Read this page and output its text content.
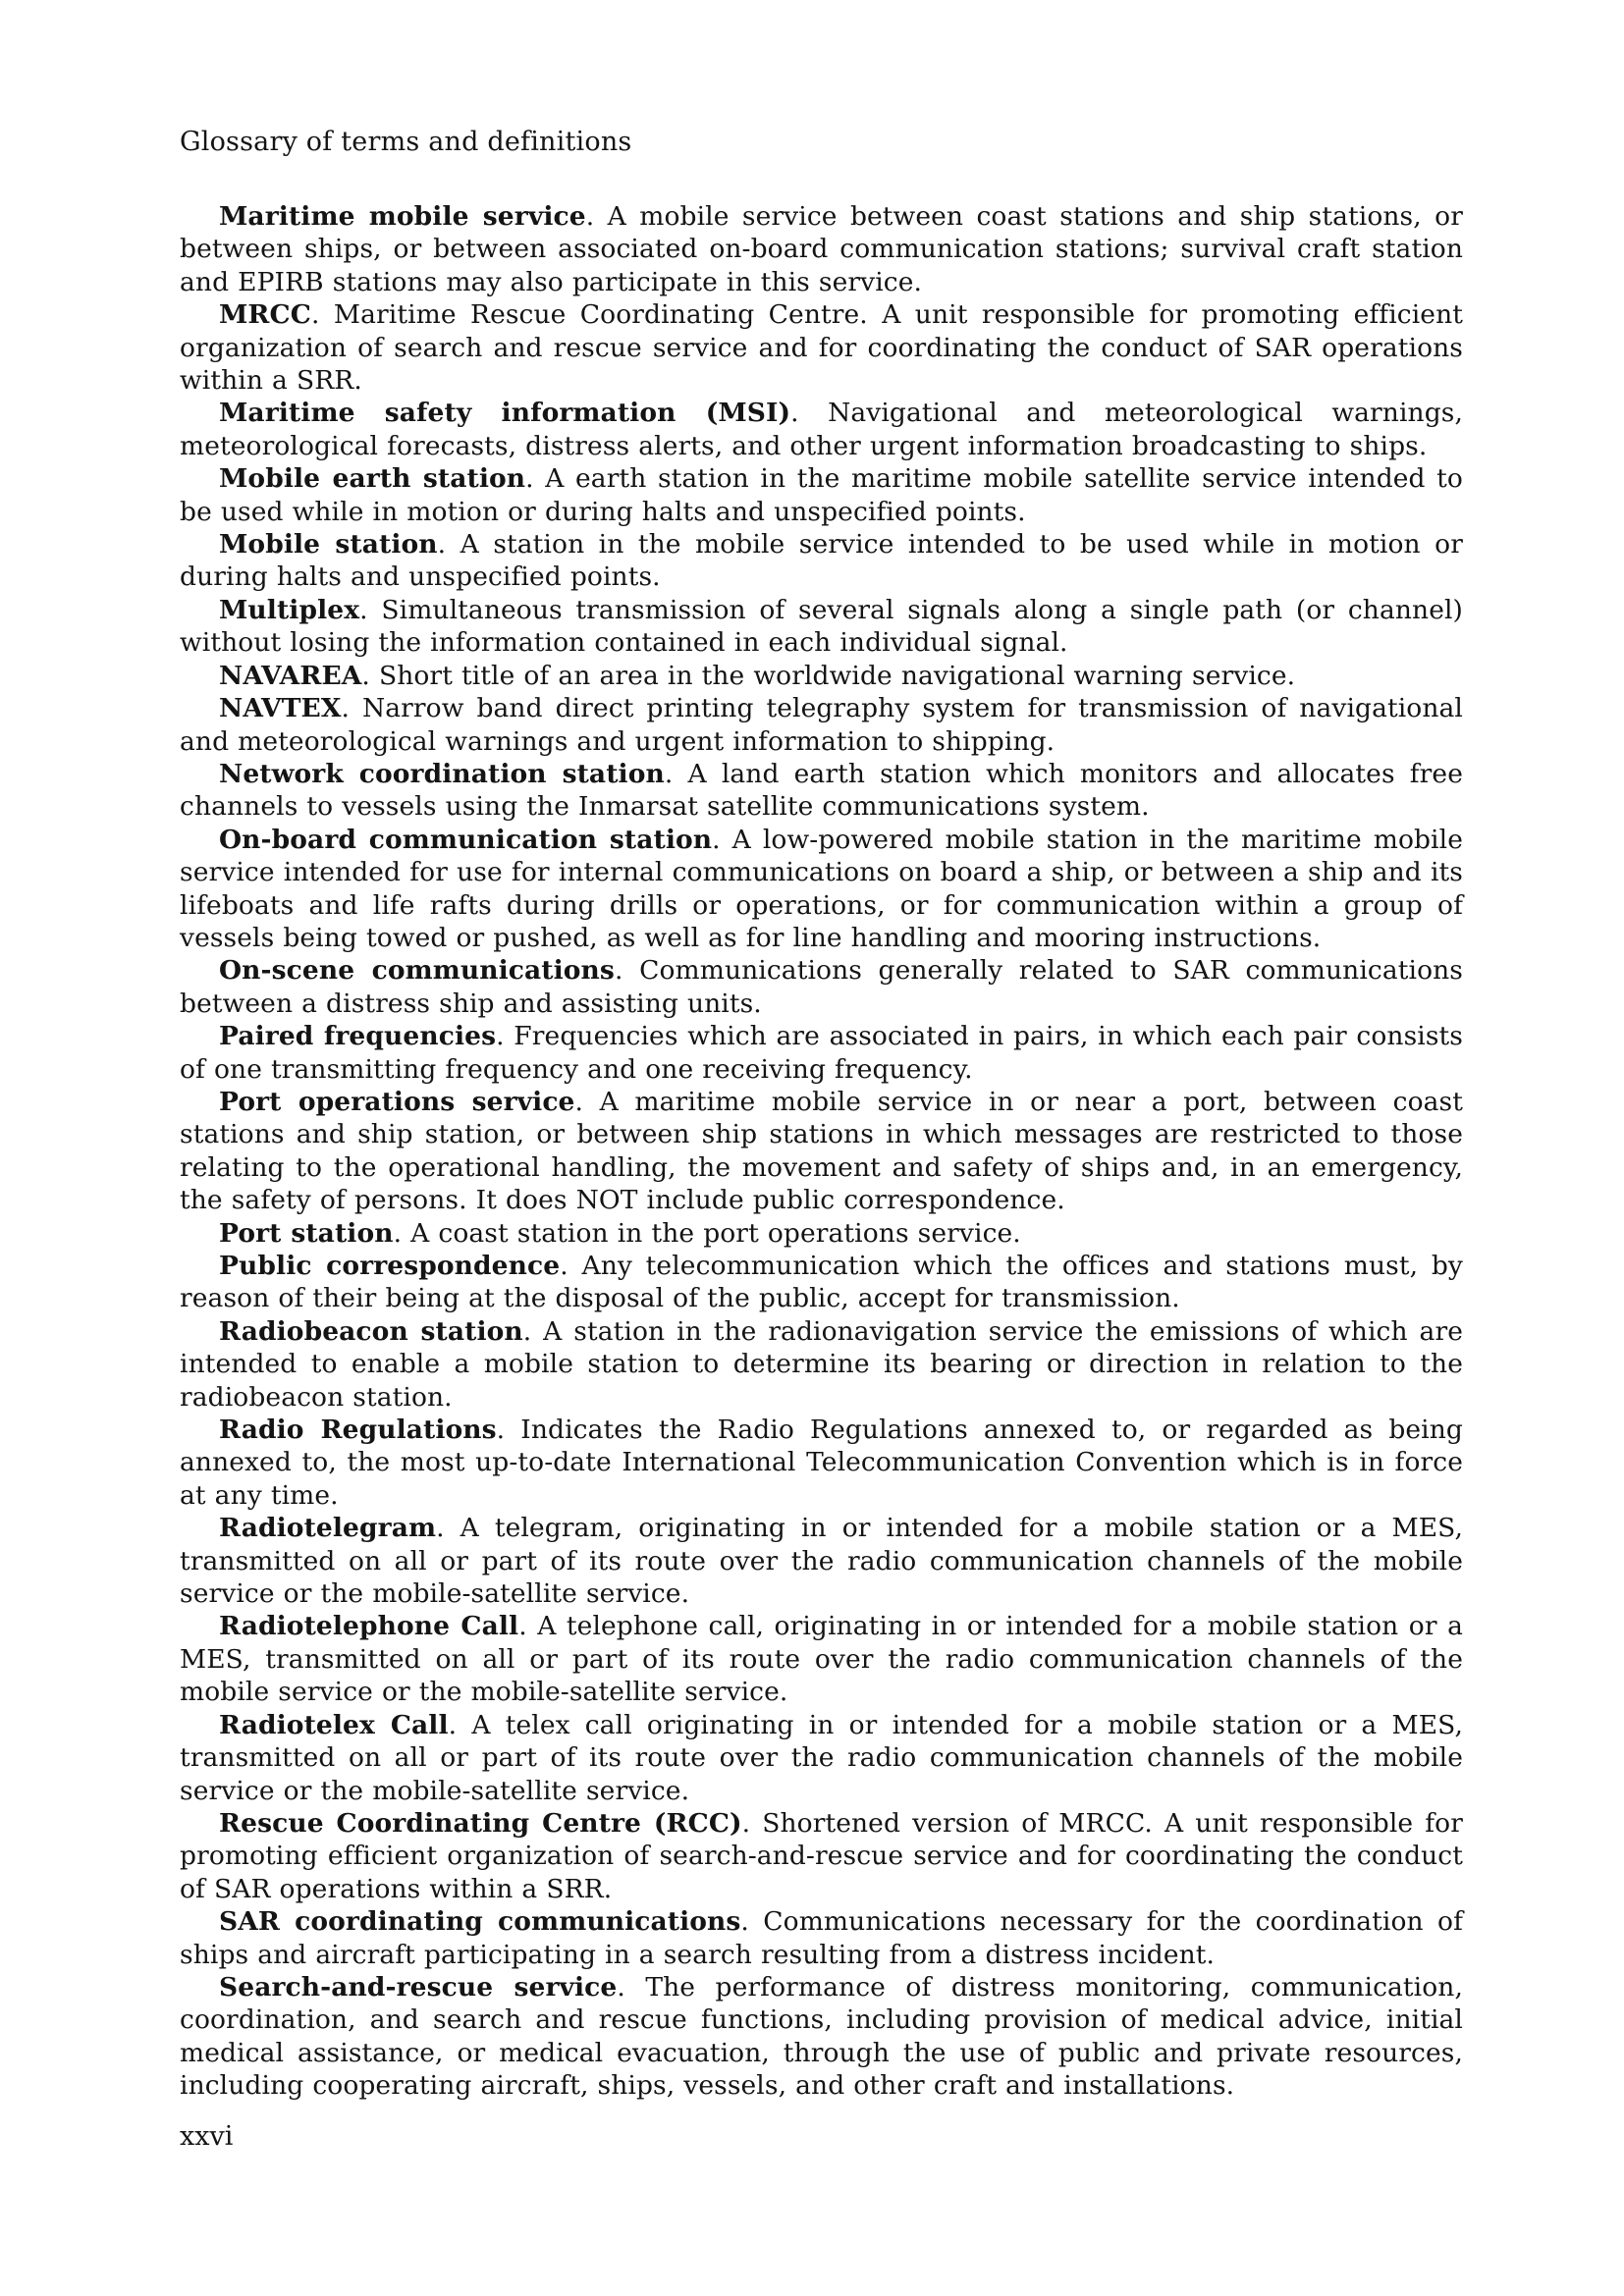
Glossary of terms and definitions

Maritime mobile service. A mobile service between coast stations and ship stations, or between ships, or between associated on-board communication stations; survival craft station and EPIRB stations may also participate in this service.

MRCC. Maritime Rescue Coordinating Centre. A unit responsible for promoting efficient organization of search and rescue service and for coordinating the conduct of SAR operations within a SRR.

Maritime safety information (MSI). Navigational and meteorological warnings, meteorological forecasts, distress alerts, and other urgent information broadcasting to ships.

Mobile earth station. A earth station in the maritime mobile satellite service intended to be used while in motion or during halts and unspecified points.

Mobile station. A station in the mobile service intended to be used while in motion or during halts and unspecified points.

Multiplex. Simultaneous transmission of several signals along a single path (or channel) without losing the information contained in each individual signal.

NAVAREA. Short title of an area in the worldwide navigational warning service.

NAVTEX. Narrow band direct printing telegraphy system for transmission of navigational and meteorological warnings and urgent information to shipping.

Network coordination station. A land earth station which monitors and allocates free channels to vessels using the Inmarsat satellite communications system.

On-board communication station. A low-powered mobile station in the maritime mobile service intended for use for internal communications on board a ship, or between a ship and its lifeboats and life rafts during drills or operations, or for communication within a group of vessels being towed or pushed, as well as for line handling and mooring instructions.

On-scene communications. Communications generally related to SAR communications between a distress ship and assisting units.

Paired frequencies. Frequencies which are associated in pairs, in which each pair consists of one transmitting frequency and one receiving frequency.

Port operations service. A maritime mobile service in or near a port, between coast stations and ship station, or between ship stations in which messages are restricted to those relating to the operational handling, the movement and safety of ships and, in an emergency, the safety of persons. It does NOT include public correspondence.

Port station. A coast station in the port operations service.

Public correspondence. Any telecommunication which the offices and stations must, by reason of their being at the disposal of the public, accept for transmission.

Radiobeacon station. A station in the radionavigation service the emissions of which are intended to enable a mobile station to determine its bearing or direction in relation to the radiobeacon station.

Radio Regulations. Indicates the Radio Regulations annexed to, or regarded as being annexed to, the most up-to-date International Telecommunication Convention which is in force at any time.

Radiotelegram. A telegram, originating in or intended for a mobile station or a MES, transmitted on all or part of its route over the radio communication channels of the mobile service or the mobile-satellite service.

Radiotelephone Call. A telephone call, originating in or intended for a mobile station or a MES, transmitted on all or part of its route over the radio communication channels of the mobile service or the mobile-satellite service.

Radiotelex Call. A telex call originating in or intended for a mobile station or a MES, transmitted on all or part of its route over the radio communication channels of the mobile service or the mobile-satellite service.

Rescue Coordinating Centre (RCC). Shortened version of MRCC. A unit responsible for promoting efficient organization of search-and-rescue service and for coordinating the conduct of SAR operations within a SRR.

SAR coordinating communications. Communications necessary for the coordination of ships and aircraft participating in a search resulting from a distress incident.

Search-and-rescue service. The performance of distress monitoring, communication, coordination, and search and rescue functions, including provision of medical advice, initial medical assistance, or medical evacuation, through the use of public and private resources, including cooperating aircraft, ships, vessels, and other craft and installations.

xxvi
